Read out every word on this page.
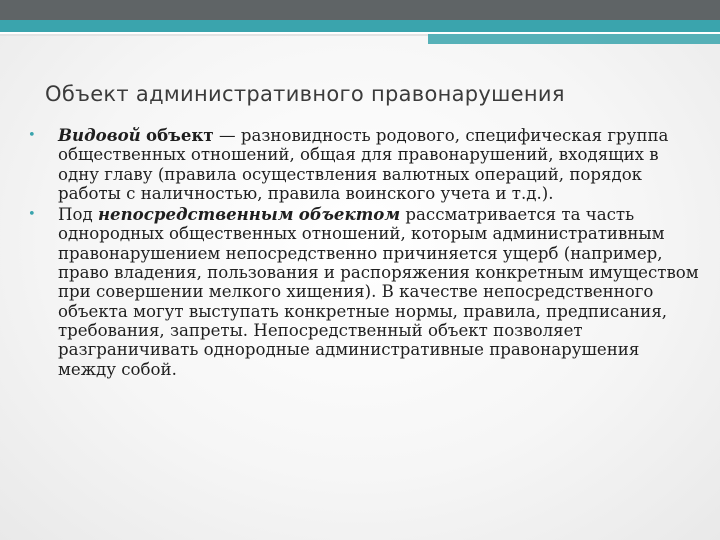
Объект административного правонарушения
•
Видовой объект — разновидность родового, специфическая группа общественных отношений, общая для правонарушений, входящих в одну главу (правила осуществления валютных операций, порядок работы с наличностью, правила воинского учета и т.д.).
•
Под непосредственным объектом рассматривается та часть однородных общественных отношений, которым административным правонарушением непосредственно причиняется ущерб (например, право владения, пользования и распоряжения конкретным имуществом при совершении мелкого хищения). В качестве непосредственного объекта могут выступать конкретные нормы, правила, предписания, требования, запреты. Непосредственный объект позволяет разграничивать однородные административные правонарушения между собой.
